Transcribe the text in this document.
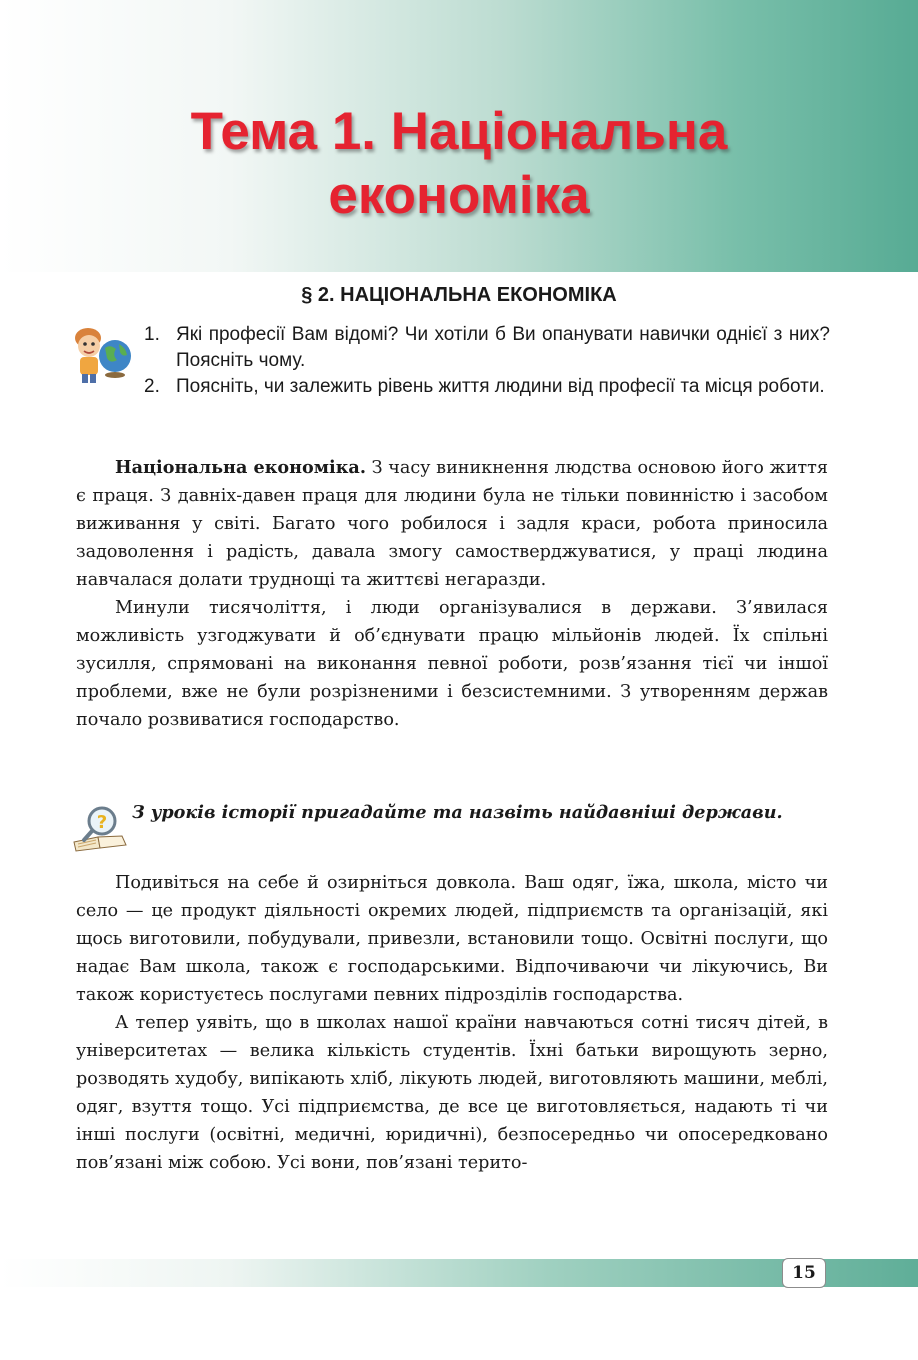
Тема 1. Національна
економіка
§ 2. НАЦІОНАЛЬНА ЕКОНОМІКА
1. Які професії Вам відомі? Чи хотіли б Ви опанувати навички однієї з них? Поясніть чому.
2. Поясніть, чи залежить рівень життя людини від професії та місця роботи.

Національна економіка. З часу виникнення людства основою його життя є праця. З давніх-давен праця для людини була не тільки повинністю і засобом виживання у світі. Багато чого робилося і задля краси, робота приносила задоволення і радість, давала змогу самостверджуватися, у праці людина навчалася долати труднощі та життєві негаразди.

Минули тисячоліття, і люди організувалися в держави. З’явилася можливість узгоджувати й об’єднувати працю мільйонів людей. Їх спільні зусилля, спрямовані на виконання певної роботи, розв’язання тієї чи іншої проблеми, вже не були розрізненими і безсистемними. З утворенням держав почало розвиватися господарство.

? З уроків історії пригадайте та назвіть найдавніші держави.

Подивіться на себе й озирніться довкола. Ваш одяг, їжа, школа, місто чи село — це продукт діяльності окремих людей, підприємств та організацій, які щось виготовили, побудували, привезли, встановили тощо. Освітні послуги, що надає Вам школа, також є господарськими. Відпочиваючи чи лікуючись, Ви також користуєтесь послугами певних підрозділів господарства.

А тепер уявіть, що в школах нашої країни навчаються сотні тисяч дітей, в університетах — велика кількість студентів. Їхні батьки вирощують зерно, розводять худобу, випікають хліб, лікують людей, виготовляють машини, меблі, одяг, взуття тощо. Усі підприємства, де все це виготовляється, надають ті чи інші послуги (освітні, медичні, юридичні), безпосередньо чи опосередковано пов’язані між собою. Усі вони, пов’язані терито-

15
